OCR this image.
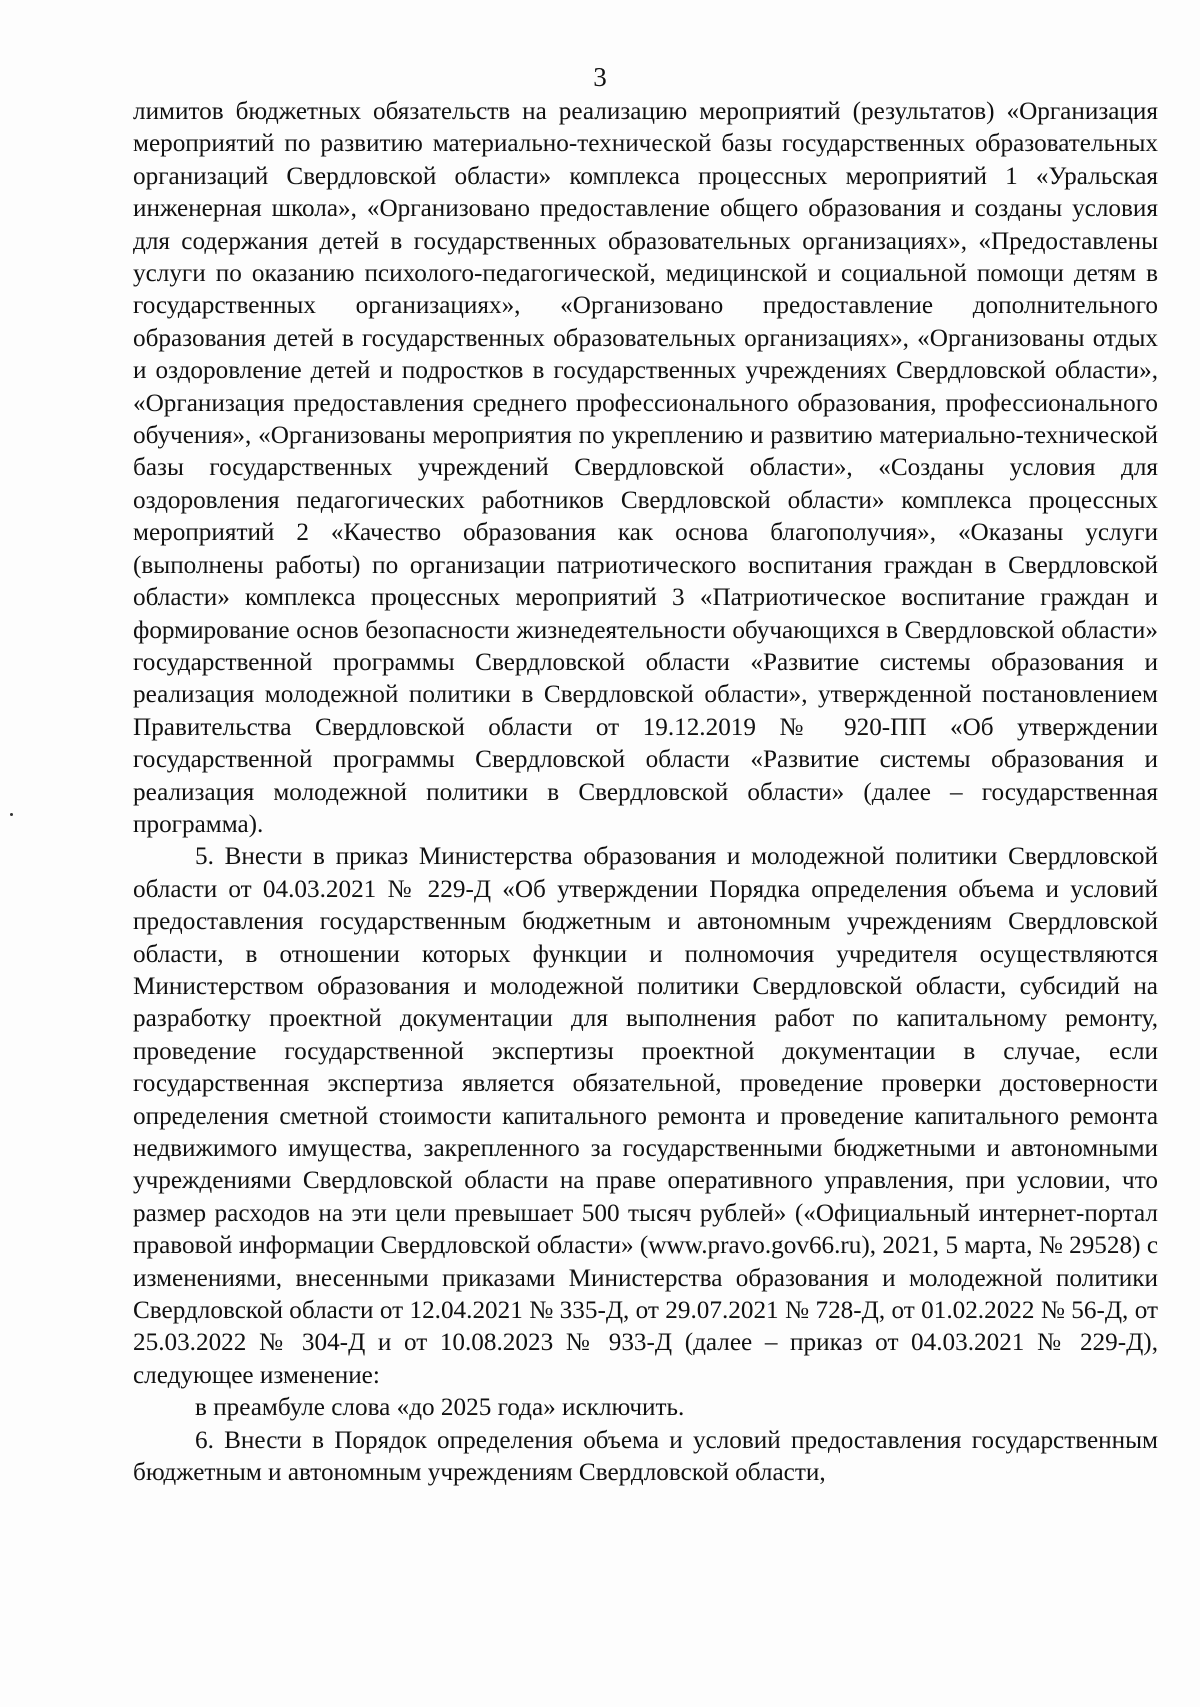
3

лимитов бюджетных обязательств на реализацию мероприятий (результатов) «Организация мероприятий по развитию материально-технической базы государственных образовательных организаций Свердловской области» комплекса процессных мероприятий 1 «Уральская инженерная школа», «Организовано предоставление общего образования и созданы условия для содержания детей в государственных образовательных организациях», «Предоставлены услуги по оказанию психолого-педагогической, медицинской и социальной помощи детям в государственных организациях», «Организовано предоставление дополнительного образования детей в государственных образовательных организациях», «Организованы отдых и оздоровление детей и подростков в государственных учреждениях Свердловской области», «Организация предоставления среднего профессионального образования, профессионального обучения», «Организованы мероприятия по укреплению и развитию материально-технической базы государственных учреждений Свердловской области», «Созданы условия для оздоровления педагогических работников Свердловской области» комплекса процессных мероприятий 2 «Качество образования как основа благополучия», «Оказаны услуги (выполнены работы) по организации патриотического воспитания граждан в Свердловской области» комплекса процессных мероприятий 3 «Патриотическое воспитание граждан и формирование основ безопасности жизнедеятельности обучающихся в Свердловской области» государственной программы Свердловской области «Развитие системы образования и реализация молодежной политики в Свердловской области», утвержденной постановлением Правительства Свердловской области от 19.12.2019 № 920-ПП «Об утверждении государственной программы Свердловской области «Развитие системы образования и реализация молодежной политики в Свердловской области» (далее – государственная программа).

5. Внести в приказ Министерства образования и молодежной политики Свердловской области от 04.03.2021 № 229-Д «Об утверждении Порядка определения объема и условий предоставления государственным бюджетным и автономным учреждениям Свердловской области, в отношении которых функции и полномочия учредителя осуществляются Министерством образования и молодежной политики Свердловской области, субсидий на разработку проектной документации для выполнения работ по капитальному ремонту, проведение государственной экспертизы проектной документации в случае, если государственная экспертиза является обязательной, проведение проверки достоверности определения сметной стоимости капитального ремонта и проведение капитального ремонта недвижимого имущества, закрепленного за государственными бюджетными и автономными учреждениями Свердловской области на праве оперативного управления, при условии, что размер расходов на эти цели превышает 500 тысяч рублей» («Официальный интернет-портал правовой информации Свердловской области» (www.pravo.gov66.ru), 2021, 5 марта, № 29528) с изменениями, внесенными приказами Министерства образования и молодежной политики Свердловской области от 12.04.2021 № 335-Д, от 29.07.2021 № 728-Д, от 01.02.2022 № 56-Д, от 25.03.2022 № 304-Д и от 10.08.2023 № 933-Д (далее – приказ от 04.03.2021 № 229-Д), следующее изменение:

в преамбуле слова «до 2025 года» исключить.

6. Внести в Порядок определения объема и условий предоставления государственным бюджетным и автономным учреждениям Свердловской области,
